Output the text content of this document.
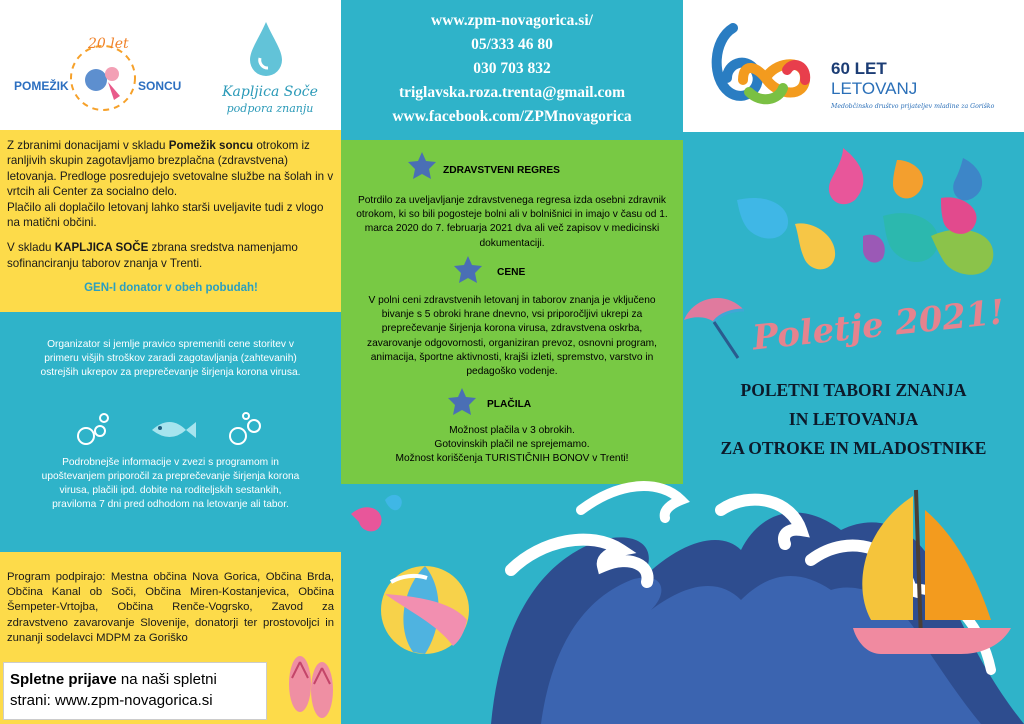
20 let
POMEŽIK	SONCU	Kapljica Soče
podpora znanju

Z zbranimi donacijami v skladu Pomežik soncu otrokom iz ranljivih skupin zagotavljamo brezplačna (zdravstvena) letovanja. Predloge posredujejo svetovalne službe na šolah in v vrtcih ali Center za socialno delo.

Plačilo ali doplačilo letovanj lahko starši uveljavite tudi z vlogo na matični občini.

V skladu KAPLJICA SOČE zbrana sredstva namenjamo sofinanciranju taborov znanja v Trenti.

GEN-I donator v obeh pobudah!

Organizator si jemlje pravico spremeniti cene storitev v primeru višjih stroškov zaradi zagotavljanja (zahtevanih) ostrejših ukrepov za preprečevanje širjenja korona virusa.

Podrobnejše informacije v zvezi s programom in upoštevanjem priporočil za preprečevanje širjenja korona virusa, plačili ipd. dobite na roditeljskih sestankih, praviloma 7 dni pred odhodom na letovanje ali tabor.

Program podpirajo: Mestna občina Nova Gorica, Občina Brda, Občina Kanal ob Soči, Občina Miren-Kostanjevica, Občina Šempeter-Vrtojba, Občina Renče-Vogrsko, Zavod za zdravstveno zavarovanje Slovenije, donatorji ter prostovoljci in zunanji sodelavci MDPM za Goriško

Spletne prijave na naši spletni
strani: www.zpm-novagorica.si
www.zpm-novagorica.si/
05/333 46 80
030 703 832
triglavska.roza.trenta@gmail.com
www.facebook.com/ZPMnovagorica
ZDRAVSTVENI REGRES

Potrdilo za uveljavljanje zdravstvenega regresa izda osebni zdravnik otrokom, ki so bili pogosteje bolni ali v bolnišnici in imajo v času od 1. marca 2020 do 7. februarja 2021 dva ali več zapisov v medicinski dokumentaciji.

CENE

V polni ceni zdravstvenih letovanj in taborov znanja je vključeno bivanje s 5 obroki hrane dnevno, vsi priporočljivi ukrepi za preprečevanje širjenja korona virusa, zdravstvena oskrba, zavarovanje odgovornosti, organiziran prevoz, osnovni program, animacija, športne aktivnosti, krajši izleti, spremstvo, varstvo in pedagoško vodenje.

PLAČILA
Možnost plačila v 3 obrokih.
Gotovinskih plačil ne sprejemamo.
Možnost koriščenja TURISTIČNIH BONOV v Trenti!
60 LET
LETOVANJ
Medobčinsko društvo prijateljev mladine za Goriško
Poletje 2021!
POLETNI TABORI ZNANJA
IN LETOVANJA
ZA OTROKE IN MLADOSTNIKE
